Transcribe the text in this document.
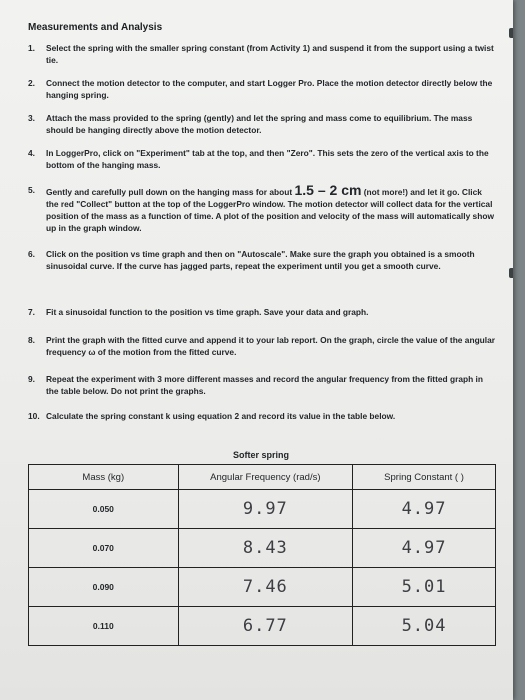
Measurements and Analysis
1.	Select the spring with the smaller spring constant (from Activity 1) and suspend it from the support using a twist tie.
2.	Connect the motion detector to the computer, and start Logger Pro. Place the motion detector directly below the hanging spring.
3.	Attach the mass provided to the spring (gently) and let the spring and mass come to equilibrium. The mass should be hanging directly above the motion detector.
4.	In LoggerPro, click on "Experiment" tab at the top, and then "Zero". This sets the zero of the vertical axis to the bottom of the hanging mass.
5.	Gently and carefully pull down on the hanging mass for about 1.5 – 2 cm (not more!) and let it go. Click the red "Collect" button at the top of the LoggerPro window. The motion detector will collect data for the vertical position of the mass as a function of time. A plot of the position and velocity of the mass will automatically show up in the graph window.
6.	Click on the position vs time graph and then on "Autoscale". Make sure the graph you obtained is a smooth sinusoidal curve. If the curve has jagged parts, repeat the experiment until you get a smooth curve.
7.	Fit a sinusoidal function to the position vs time graph. Save your data and graph.
8.	Print the graph with the fitted curve and append it to your lab report. On the graph, circle the value of the angular frequency ω of the motion from the fitted curve.
9.	Repeat the experiment with 3 more different masses and record the angular frequency from the fitted graph in the table below. Do not print the graphs.
10. Calculate the spring constant k using equation 2 and record its value in the table below.
Softer spring
Mass (kg)	Angular Frequency (rad/s)	Spring Constant ( )
0.050	9.97	4.97
0.070	8.43	4.97
0.090	7.46	5.01
0.110	6.77	5.04
